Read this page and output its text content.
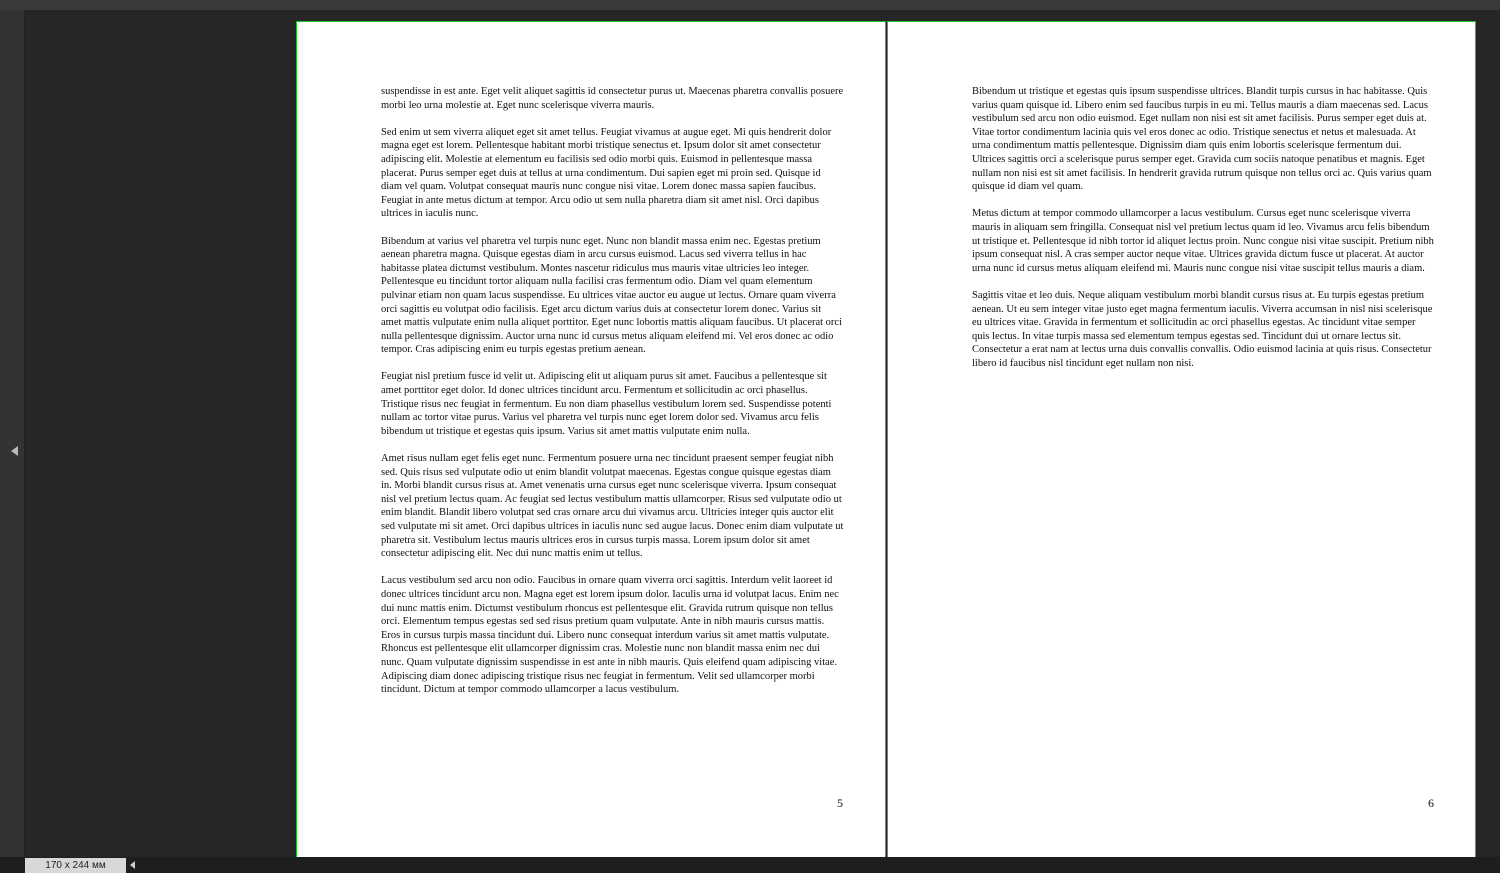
suspendisse in est ante. Eget velit aliquet sagittis id consectetur purus ut. Maecenas pharetra convallis posuere morbi leo urna molestie at. Eget nunc scelerisque viverra mauris.

Sed enim ut sem viverra aliquet eget sit amet tellus. Feugiat vivamus at augue eget. Mi quis hendrerit dolor magna eget est lorem. Pellentesque habitant morbi tristique senectus et. Ipsum dolor sit amet consectetur adipiscing elit. Molestie at elementum eu facilisis sed odio morbi quis. Euismod in pellentesque massa placerat. Purus semper eget duis at tellus at urna condimentum. Dui sapien eget mi proin sed. Quisque id diam vel quam. Volutpat consequat mauris nunc congue nisi vitae. Lorem donec massa sapien faucibus. Feugiat in ante metus dictum at tempor. Arcu odio ut sem nulla pharetra diam sit amet nisl. Orci dapibus ultrices in iaculis nunc.

Bibendum at varius vel pharetra vel turpis nunc eget. Nunc non blandit massa enim nec. Egestas pretium aenean pharetra magna. Quisque egestas diam in arcu cursus euismod. Lacus sed viverra tellus in hac habitasse platea dictumst vestibulum. Montes nascetur ridiculus mus mauris vitae ultricies leo integer. Pellentesque eu tincidunt tortor aliquam nulla facilisi cras fermentum odio. Diam vel quam elementum pulvinar etiam non quam lacus suspendisse. Eu ultrices vitae auctor eu augue ut lectus. Ornare quam viverra orci sagittis eu volutpat odio facilisis. Eget arcu dictum varius duis at consectetur lorem donec. Varius sit amet mattis vulputate enim nulla aliquet porttitor. Eget nunc lobortis mattis aliquam faucibus. Ut placerat orci nulla pellentesque dignissim. Auctor urna nunc id cursus metus aliquam eleifend mi. Vel eros donec ac odio tempor. Cras adipiscing enim eu turpis egestas pretium aenean.

Feugiat nisl pretium fusce id velit ut. Adipiscing elit ut aliquam purus sit amet. Faucibus a pellentesque sit amet porttitor eget dolor. Id donec ultrices tincidunt arcu. Fermentum et sollicitudin ac orci phasellus. Tristique risus nec feugiat in fermentum. Eu non diam phasellus vestibulum lorem sed. Suspendisse potenti nullam ac tortor vitae purus. Varius vel pharetra vel turpis nunc eget lorem dolor sed. Vivamus arcu felis bibendum ut tristique et egestas quis ipsum. Varius sit amet mattis vulputate enim nulla.

Amet risus nullam eget felis eget nunc. Fermentum posuere urna nec tincidunt praesent semper feugiat nibh sed. Quis risus sed vulputate odio ut enim blandit volutpat maecenas. Egestas congue quisque egestas diam in. Morbi blandit cursus risus at. Amet venenatis urna cursus eget nunc scelerisque viverra. Ipsum consequat nisl vel pretium lectus quam. Ac feugiat sed lectus vestibulum mattis ullamcorper. Risus sed vulputate odio ut enim blandit. Blandit libero volutpat sed cras ornare arcu dui vivamus arcu. Ultricies integer quis auctor elit sed vulputate mi sit amet. Orci dapibus ultrices in iaculis nunc sed augue lacus. Donec enim diam vulputate ut pharetra sit. Vestibulum lectus mauris ultrices eros in cursus turpis massa. Lorem ipsum dolor sit amet consectetur adipiscing elit. Nec dui nunc mattis enim ut tellus.

Lacus vestibulum sed arcu non odio. Faucibus in ornare quam viverra orci sagittis. Interdum velit laoreet id donec ultrices tincidunt arcu non. Magna eget est lorem ipsum dolor. Iaculis urna id volutpat lacus. Enim nec dui nunc mattis enim. Dictumst vestibulum rhoncus est pellentesque elit. Gravida rutrum quisque non tellus orci. Elementum tempus egestas sed sed risus pretium quam vulputate. Ante in nibh mauris cursus mattis. Eros in cursus turpis massa tincidunt dui. Libero nunc consequat interdum varius sit amet mattis vulputate. Rhoncus est pellentesque elit ullamcorper dignissim cras. Molestie nunc non blandit massa enim nec dui nunc. Quam vulputate dignissim suspendisse in est ante in nibh mauris. Quis eleifend quam adipiscing vitae. Adipiscing diam donec adipiscing tristique risus nec feugiat in fermentum. Velit sed ullamcorper morbi tincidunt. Dictum at tempor commodo ullamcorper a lacus vestibulum.

5

Bibendum ut tristique et egestas quis ipsum suspendisse ultrices. Blandit turpis cursus in hac habitasse. Quis varius quam quisque id. Libero enim sed faucibus turpis in eu mi. Tellus mauris a diam maecenas sed. Lacus vestibulum sed arcu non odio euismod. Eget nullam non nisi est sit amet facilisis. Purus semper eget duis at. Vitae tortor condimentum lacinia quis vel eros donec ac odio. Tristique senectus et netus et malesuada. At urna condimentum mattis pellentesque. Dignissim diam quis enim lobortis scelerisque fermentum dui. Ultrices sagittis orci a scelerisque purus semper eget. Gravida cum sociis natoque penatibus et magnis. Eget nullam non nisi est sit amet facilisis. In hendrerit gravida rutrum quisque non tellus orci ac. Quis varius quam quisque id diam vel quam.

Metus dictum at tempor commodo ullamcorper a lacus vestibulum. Cursus eget nunc scelerisque viverra mauris in aliquam sem fringilla. Consequat nisl vel pretium lectus quam id leo. Vivamus arcu felis bibendum ut tristique et. Pellentesque id nibh tortor id aliquet lectus proin. Nunc congue nisi vitae suscipit. Pretium nibh ipsum consequat nisl. A cras semper auctor neque vitae. Ultrices gravida dictum fusce ut placerat. At auctor urna nunc id cursus metus aliquam eleifend mi. Mauris nunc congue nisi vitae suscipit tellus mauris a diam.

Sagittis vitae et leo duis. Neque aliquam vestibulum morbi blandit cursus risus at. Eu turpis egestas pretium aenean. Ut eu sem integer vitae justo eget magna fermentum iaculis. Viverra accumsan in nisl nisi scelerisque eu ultrices vitae. Gravida in fermentum et sollicitudin ac orci phasellus egestas. Ac tincidunt vitae semper quis lectus. In vitae turpis massa sed elementum tempus egestas sed. Tincidunt dui ut ornare lectus sit. Consectetur a erat nam at lectus urna duis convallis convallis. Odio euismod lacinia at quis risus. Consectetur libero id faucibus nisl tincidunt eget nullam non nisi.

6
170 x 244 мм
